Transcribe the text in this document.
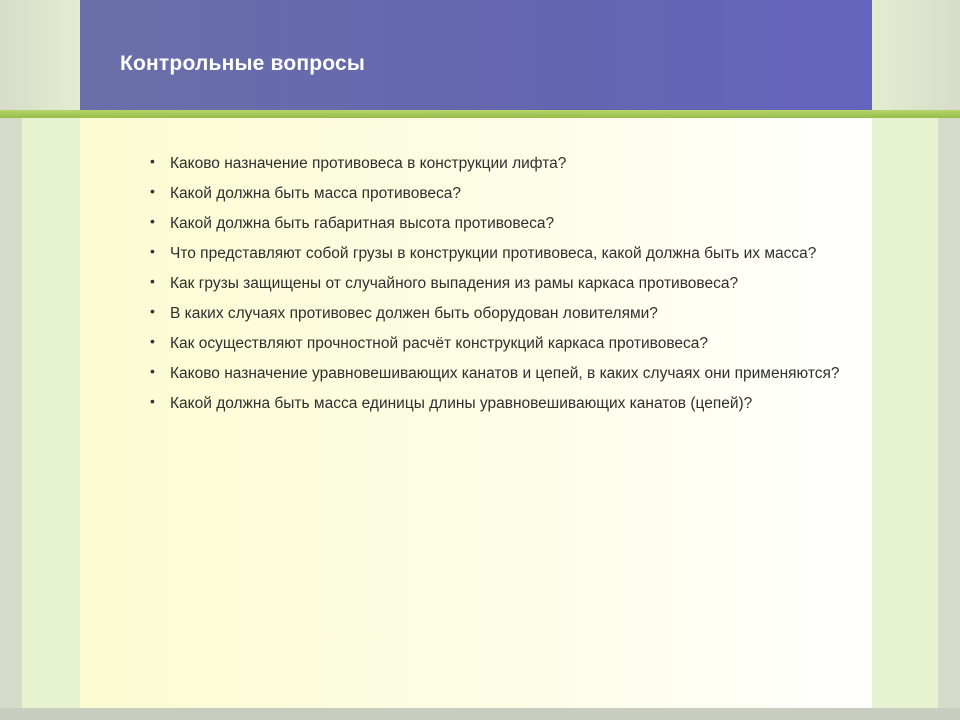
Контрольные вопросы
• Каково назначение противовеса в конструкции лифта?
• Какой должна быть масса противовеса?
• Какой должна быть габаритная высота противовеса?
• Что представляют собой грузы в конструкции противовеса, какой должна быть их масса?
• Как грузы защищены от случайного выпадения из рамы каркаса противовеса?
• В каких случаях противовес должен быть оборудован ловителями?
• Как осуществляют прочностной расчёт конструкций каркаса противовеса?
• Каково назначение уравновешивающих канатов и цепей, в каких случаях они применяются?
• Какой должна быть масса единицы длины уравновешивающих канатов (цепей)?
